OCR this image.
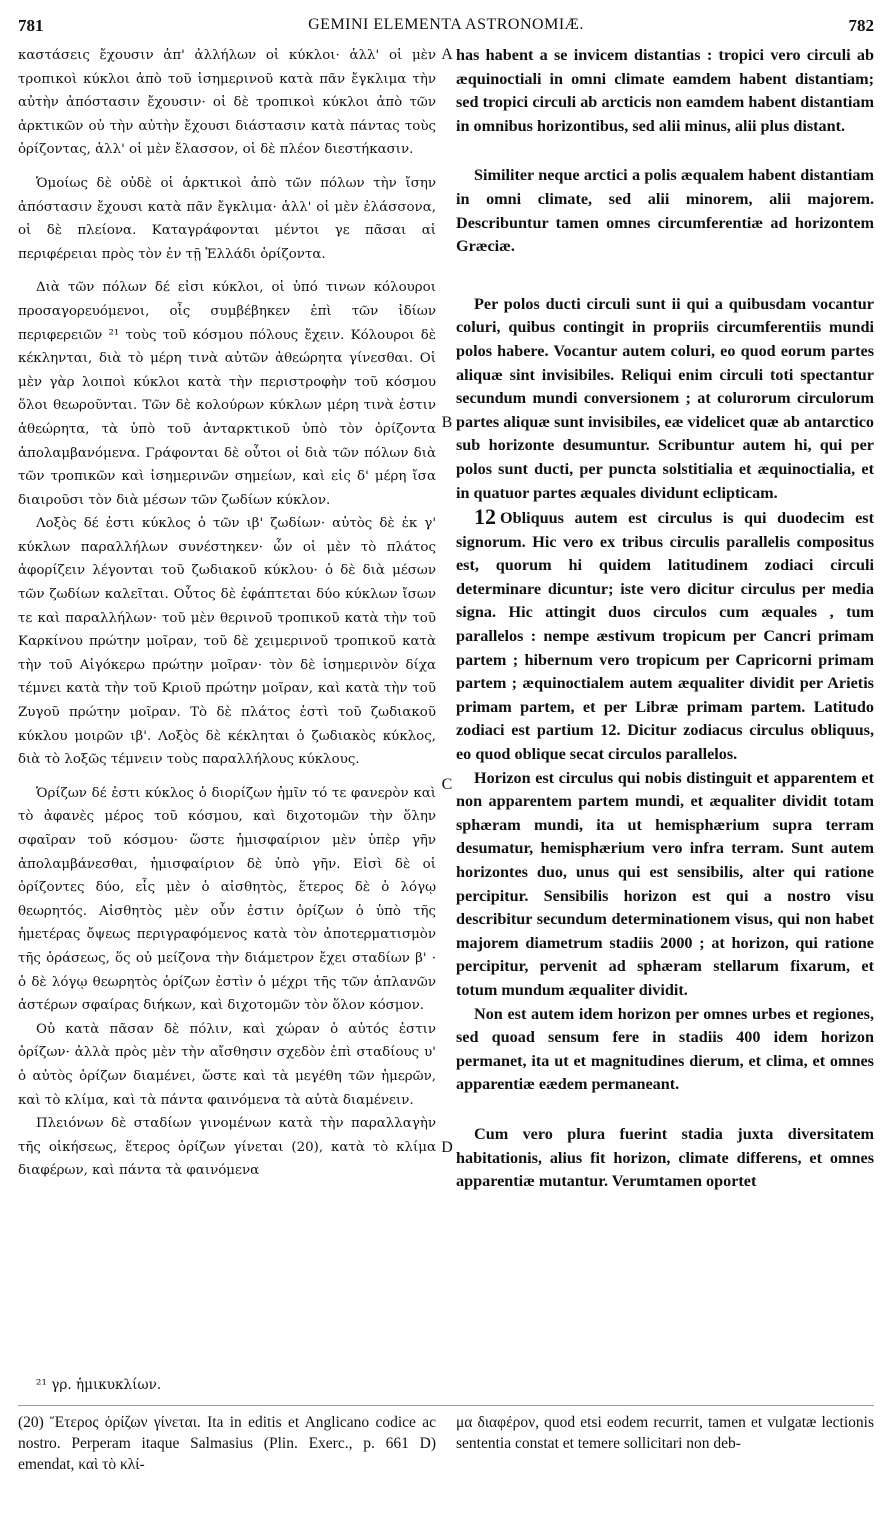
781	GEMINI ELEMENTA ASTRONOMIÆ.	782

καστάσεις ἔχουσιν ἀπ' ἀλλήλων οἱ κύκλοι· ἀλλ' οἱ μὲν τροπικοὶ κύκλοι ἀπὸ τοῦ ἰσημερινοῦ κατὰ πᾶν ἔγκλιμα τὴν αὐτὴν ἀπόστασιν ἔχουσιν· οἱ δὲ τροπικοὶ κύκλοι ἀπὸ τῶν ἀρκτικῶν οὐ τὴν αὐτὴν ἔχουσι διάστασιν κατὰ πάντας τοὺς ὁρίζοντας, ἀλλ' οἱ μὲν ἔλασσον, οἱ δὲ πλέον διεστήκασιν.

Ὁμοίως δὲ οὐδὲ οἱ ἀρκτικοὶ ἀπὸ τῶν πόλων τὴν ἴσην ἀπόστασιν ἔχουσι κατὰ πᾶν ἔγκλιμα· ἀλλ' οἱ μὲν ἐλάσσονα, οἱ δὲ πλείονα. Καταγράφονται μέντοι γε πᾶσαι αἱ περιφέρειαι πρὸς τὸν ἐν τῇ Ἑλλάδι ὁρίζοντα.

Διὰ τῶν πόλων δέ εἰσι κύκλοι, οἱ ὑπό τινων κόλουροι προσαγορευόμενοι, οἷς συμβέβηκεν ἐπὶ τῶν ἰδίων περιφερειῶν ²¹ τοὺς τοῦ κόσμου πόλους ἔχειν. Κόλουροι δὲ κέκληνται, διὰ τὸ μέρη τινὰ αὐτῶν ἀθεώρητα γίνεσθαι. Οἱ μὲν γὰρ λοιποὶ κύκλοι κατὰ τὴν περιστροφὴν τοῦ κόσμου ὅλοι θεωροῦνται. Τῶν δὲ κολούρων κύκλων μέρη τινὰ ἐστιν ἀθεώρητα, τὰ ὑπὸ τοῦ ἀνταρκτικοῦ ὑπὸ τὸν ὁρίζοντα ἀπολαμβανόμενα. Γράφονται δὲ οὗτοι οἱ διὰ τῶν πόλων διὰ τῶν τροπικῶν καὶ ἰσημερινῶν σημείων, καὶ εἰς δ' μέρη ἴσα διαιροῦσι τὸν διὰ μέσων τῶν ζωδίων κύκλον.

Λοξὸς δέ ἐστι κύκλος ὁ τῶν ιβ' ζωδίων· αὐτὸς δὲ ἐκ γ' κύκλων παραλλήλων συνέστηκεν· ὧν οἱ μὲν τὸ πλάτος ἀφορίζειν λέγονται τοῦ ζωδιακοῦ κύκλου· ὁ δὲ διὰ μέσων τῶν ζωδίων καλεῖται. Οὗτος δὲ ἐφάπτεται δύο κύκλων ἴσων τε καὶ παραλλήλων· τοῦ μὲν θερινοῦ τροπικοῦ κατὰ τὴν τοῦ Καρκίνου πρώτην μοῖραν, τοῦ δὲ χειμερινοῦ τροπικοῦ κατὰ τὴν τοῦ Αἰγόκερω πρώτην μοῖραν· τὸν δὲ ἰσημερινὸν δίχα τέμνει κατὰ τὴν τοῦ Κριοῦ πρώτην μοῖραν, καὶ κατὰ τὴν τοῦ Ζυγοῦ πρώτην μοῖραν. Τὸ δὲ πλάτος ἐστὶ τοῦ ζωδιακοῦ κύκλου μοιρῶν ιβ'. Λοξὸς δὲ κέκληται ὁ ζωδιακὸς κύκλος, διὰ τὸ λοξῶς τέμνειν τοὺς παραλλήλους κύκλους.

Ὁρίζων δέ ἐστι κύκλος ὁ διορίζων ἡμῖν τό τε φανερὸν καὶ τὸ ἀφανὲς μέρος τοῦ κόσμου, καὶ διχοτομῶν τὴν ὅλην σφαῖραν τοῦ κόσμου· ὥστε ἡμισφαίριον μὲν ὑπὲρ γῆν ἀπολαμβάνεσθαι, ἡμισφαίριον δὲ ὑπὸ γῆν. Εἰσὶ δὲ οἱ ὁρίζοντες δύο, εἷς μὲν ὁ αἰσθητὸς, ἕτερος δὲ ὁ λόγῳ θεωρητός. Αἰσθητὸς μὲν οὖν ἐστιν ὁρίζων ὁ ὑπὸ τῆς ἡμετέρας ὄψεως περιγραφόμενος κατὰ τὸν ἀποτερματισμὸν τῆς ὁράσεως, ὅς οὐ μείζονα τὴν διάμετρον ἔχει σταδίων β' · ὁ δὲ λόγῳ θεωρητὸς ὁρίζων ἐστὶν ὁ μέχρι τῆς τῶν ἀπλανῶν ἀστέρων σφαίρας διήκων, καὶ διχοτομῶν τὸν ὅλον κόσμον.

Οὐ κατὰ πᾶσαν δὲ πόλιν, καὶ χώραν ὁ αὐτός ἐστιν ὁρίζων· ἀλλὰ πρὸς μὲν τὴν αἴσθησιν σχεδὸν ἐπὶ σταδίους υ' ὁ αὐτὸς ὁρίζων διαμένει, ὥστε καὶ τὰ μεγέθη τῶν ἡμερῶν, καὶ τὸ κλίμα, καὶ τὰ πάντα φαινόμενα τὰ αὐτὰ διαμένειν.

Πλειόνων δὲ σταδίων γινομένων κατὰ τὴν παραλλαγὴν τῆς οἰκήσεως, ἕτερος ὁρίζων γίνεται (20), κατὰ τὸ κλίμα διαφέρων, καὶ πάντα τὰ φαινόμενα

has habent a se invicem distantias : tropici vero circuli ab æquinoctiali in omni climate eamdem habent distantiam; sed tropici circuli ab arcticis non eamdem habent distantiam in omnibus horizontibus, sed alii minus, alii plus distant.

Similiter neque arctici a polis æqualem habent distantiam in omni climate, sed alii minorem, alii majorem. Describuntur tamen omnes circumferentiæ ad horizontem Græciæ.

Per polos ducti circuli sunt ii qui a quibusdam vocantur coluri, quibus contingit in propriis circumferentiis mundi polos habere. Vocantur autem coluri, eo quod eorum partes aliquæ sint invisibiles. Reliqui enim circuli toti spectantur secundum mundi conversionem ; at colurorum circulorum partes aliquæ sunt invisibiles, eæ videlicet quæ ab antarctico sub horizonte desumuntur. Scribuntur autem hi, qui per polos sunt ducti, per puncta solstitialia et æquinoctialia, et in quatuor partes æquales dividunt eclipticam.

12 Obliquus autem est circulus is qui duodecim est signorum. Hic vero ex tribus circulis parallelis compositus est, quorum hi quidem latitudinem zodiaci circuli determinare dicuntur; iste vero dicitur circulus per media signa. Hic attingit duos circulos cum æquales , tum parallelos : nempe æstivum tropicum per Cancri primam partem ; hibernum vero tropicum per Capricorni primam partem ; æquinoctialem autem æqualiter dividit per Arietis primam partem, et per Libræ primam partem. Latitudo zodiaci est partium 12. Dicitur zodiacus circulus obliquus, eo quod oblique secat circulos parallelos.

Horizon est circulus qui nobis distinguit et apparentem et non apparentem partem mundi, et æqualiter dividit totam sphæram mundi, ita ut hemisphærium supra terram desumatur, hemisphærium vero infra terram. Sunt autem horizontes duo, unus qui est sensibilis, alter qui ratione percipitur. Sensibilis horizon est qui a nostro visu describitur secundum determinationem visus, qui non habet majorem diametrum stadiis 2000 ; at horizon, qui ratione percipitur, pervenit ad sphæram stellarum fixarum, et totum mundum æqualiter dividit.

Non est autem idem horizon per omnes urbes et regiones, sed quoad sensum fere in stadiis 400 idem horizon permanet, ita ut et magnitudines dierum, et clima, et omnes apparentiæ eædem permaneant.

Cum vero plura fuerint stadia juxta diversitatem habitationis, alius fit horizon, climate differens, et omnes apparentiæ mutantur. Verumtamen oportet

A
B
C
D
²¹ γρ. ἡμικυκλίων.

(20) Ἕτερος ὁρίζων γίνεται. Ita in editis et Anglicano codice ac nostro. Perperam itaque Salmasius (Plin. Exerc., p. 661 D) emendat, καὶ τὸ κλί-

μα διαφέρον, quod etsi eodem recurrit, tamen et vulgatæ lectionis sententia constat et temere sollicitari non deb-
